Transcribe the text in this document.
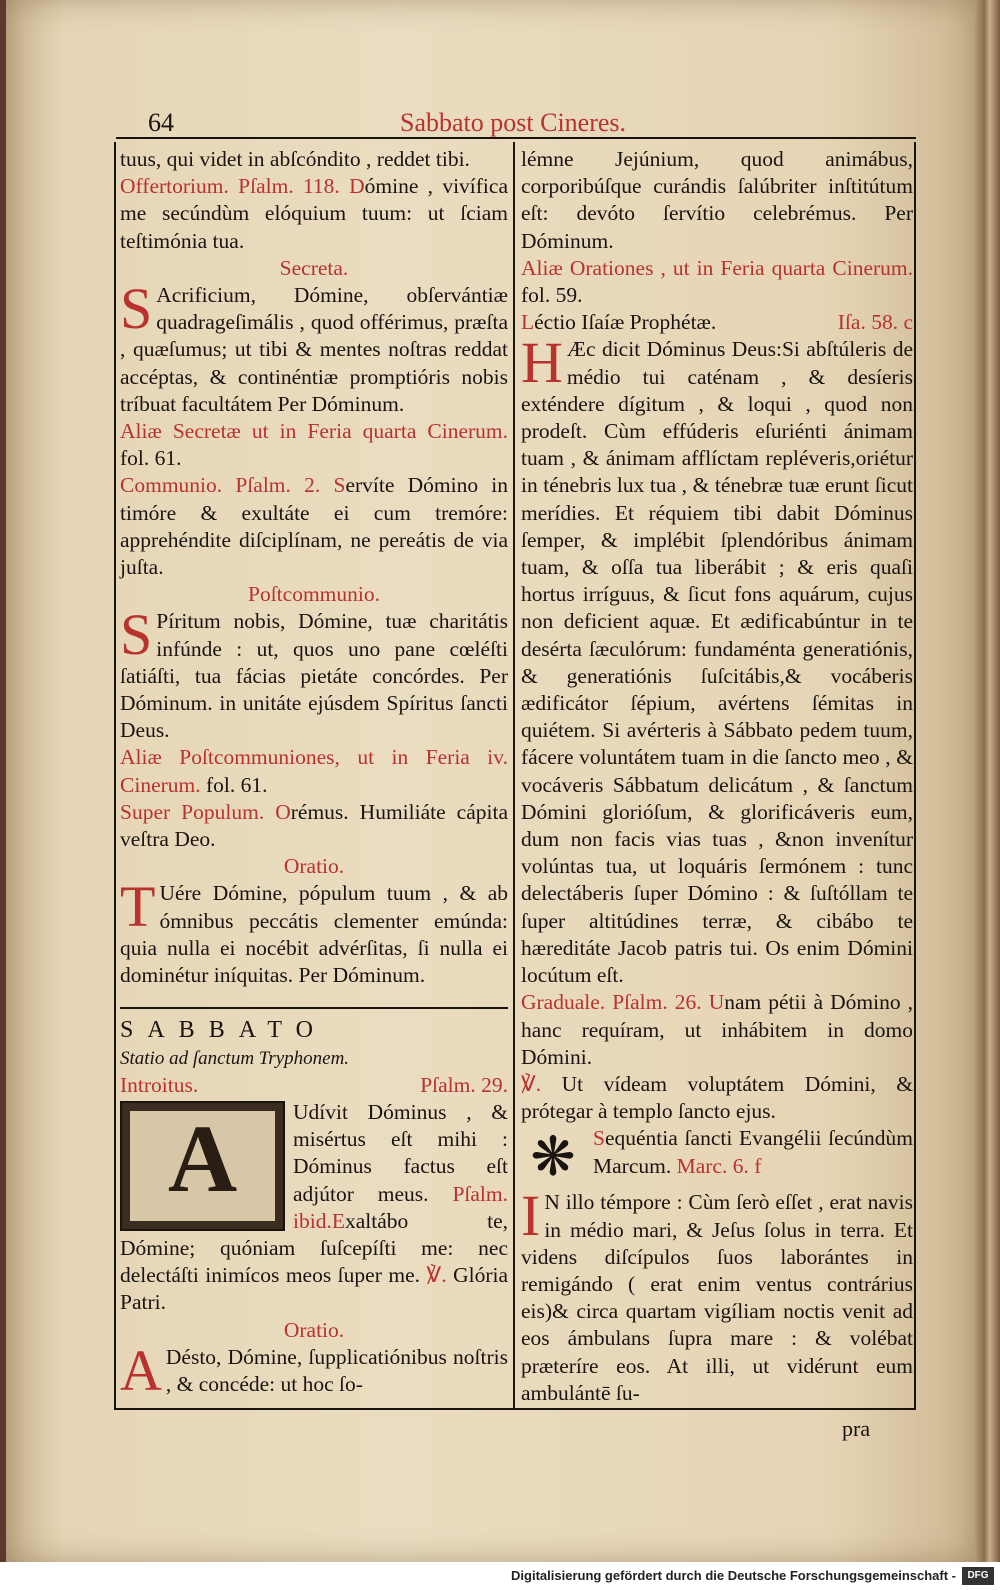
64	Sabbato post Cineres.

tuus, qui videt in abſcóndito , reddet tibi.

Offertorium. Pſalm. 118. Dómine , vivífica me secúndùm elóquium tuum: ut ſciam teſtimónia tua.

Secreta.

S Acrificium, Dómine, obſervántiæ quadrageſimális , quod offérimus, præſta , quæſumus; ut tibi & mentes noſtras reddat accéptas, & continéntiæ promptióris nobis tríbuat facultátem Per Dóminum.

Aliæ Secretæ ut in Feria quarta Cinerum. fol. 61.

Communio. Pſalm. 2. Servíte Dómino in timóre & exultáte ei cum tremóre: apprehéndite diſciplínam, ne pereátis de via juſta.

Poſtcommunio.

S Píritum nobis, Dómine, tuæ charitátis infúnde : ut, quos uno pane cœléſti ſatiáſti, tua fácias pietáte concórdes. Per Dóminum. in unitáte ejúsdem Spíritus ſancti Deus.

Aliæ Poſtcommuniones, ut in Feria iv. Cinerum. fol. 61.

Super Populum. Orémus. Humiliáte cápita veſtra Deo.

Oratio.

T Uére Dómine, pópulum tuum , & ab ómnibus peccátis clementer emúnda: quia nulla ei nocébit advérſitas, ſi nulla ei dominétur iníquitas. Per Dóminum.

SABBATO

Statio ad ſanctum Tryphonem.

Introitus.	Pſalm. 29.

A	Udívit Dóminus , & misértus eſt mihi : Dóminus factus eſt adjútor meus. Pſalm. ibid.Exaltábo te, Dómine; quóniam ſuſcepíſti me: nec delectáſti inimícos meos ſuper me. ℣. Glória Patri.

Oratio.

A Désto, Dómine, ſupplicatiónibus noſtris , & concéde: ut hoc ſo-

lémne Jejúnium, quod animábus, corporibúſque curándis ſalúbriter inſtitútum eſt: devóto ſervítio celebrémus. Per Dóminum.

Aliæ Orationes , ut in Feria quarta Cinerum. fol. 59.

Léctio Iſaíæ Prophétæ.	Iſa. 58. c

H Æc dicit Dóminus Deus:Si abſtúleris de médio tui caténam , & desíeris exténdere dígitum , & loqui , quod non prodeſt. Cùm effúderis eſuriénti ánimam tuam , & ánimam afflíctam repléveris,oriétur in ténebris lux tua , & ténebræ tuæ erunt ſicut merídies. Et réquiem tibi dabit Dóminus ſemper, & implébit ſplendóribus ánimam tuam, & oſſa tua liberábit ; & eris quaſi hortus irríguus, & ſicut fons aquárum, cujus non deficient aquæ. Et ædificabúntur in te desérta ſæculórum: fundaménta generatiónis, & generatiónis ſuſcitábis,& vocáberis ædificátor ſépium, avértens ſémitas in quiétem. Si avérteris à Sábbato pedem tuum, fácere voluntátem tuam in die ſancto meo , & vocáveris Sábbatum delicátum , & ſanctum Dómini glorióſum, & glorificáveris eum, dum non facis vias tuas , &non invenítur volúntas tua, ut loquáris ſermónem : tunc delectáberis ſuper Dómino : & ſuſtóllam te ſuper altitúdines terræ, & cibábo te hæreditáte Jacob patris tui. Os enim Dómini locútum eſt.

Graduale. Pſalm. 26. Unam pétii à Dómino , hanc requíram, ut inhábitem in domo Dómini.

℣. Ut vídeam voluptátem Dómini, & prótegar à templo ſancto ejus.

❋ Sequéntia ſancti Evangélii ſecúndùm Marcum. Marc. 6. f

I N illo témpore : Cùm ſerò eſſet , erat navis in médio mari, & Jeſus ſolus in terra. Et videns diſcípulos ſuos laborántes in remigándo ( erat enim ventus contrárius eis)& circa quartam vigíliam noctis venit ad eos ámbulans ſupra mare : & volébat præteríre eos. At illi, ut vidérunt eum ambulántē ſu-

pra
Digitalisierung gefördert durch die Deutsche Forschungsgemeinschaft -	DFG
